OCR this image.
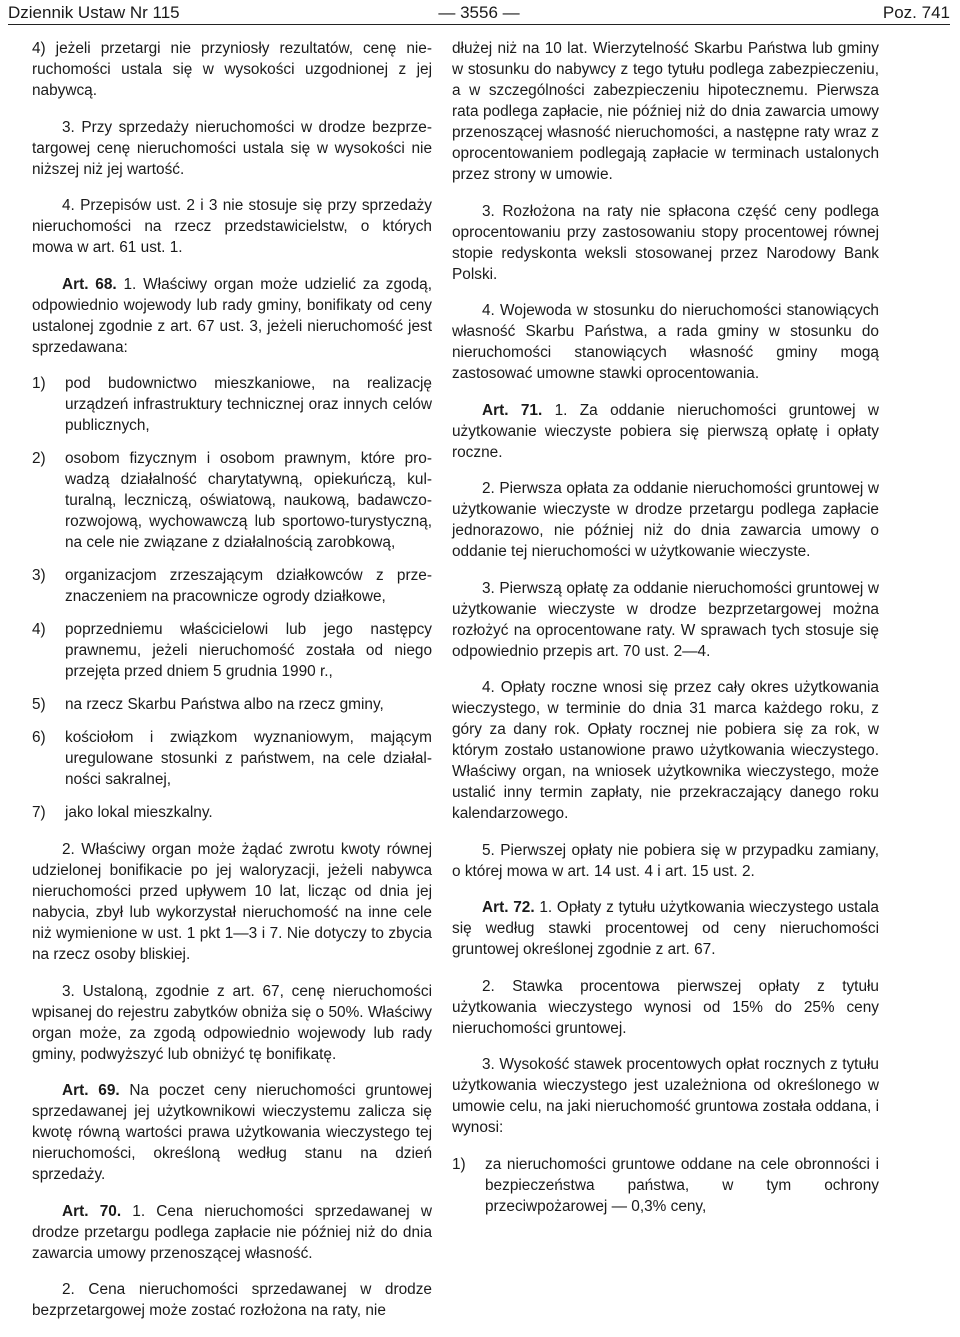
Dziennik Ustaw Nr 115	— 3556 —	Poz. 741

4) jeżeli przetargi nie przyniosły rezultatów, cenę nieruchomości ustala się w wysokości uzgodnionej z jej nabywcą.

3. Przy sprzedaży nieruchomości w drodze bezprzetargowej cenę nieruchomości ustala się w wysokości nie niższej niż jej wartość.

4. Przepisów ust. 2 i 3 nie stosuje się przy sprzedaży nieruchomości na rzecz przedstawicielstw, o których mowa w art. 61 ust. 1.

Art. 68. 1. Właściwy organ może udzielić za zgodą, odpowiednio wojewody lub rady gminy, bonifikaty od ceny ustalonej zgodnie z art. 67 ust. 3, jeżeli nieruchomość jest sprzedawana:

1) pod budownictwo mieszkaniowe, na realizację urządzeń infrastruktury technicznej oraz innych celów publicznych,
2) osobom fizycznym i osobom prawnym, które prowadzą działalność charytatywną, opiekuńczą, kulturalną, leczniczą, oświatową, naukową, badawczo-rozwojową, wychowawczą lub sportowo-turystyczną, na cele nie związane z działalnością zarobkową,
3) organizacjom zrzeszającym działkowców z przeznaczeniem na pracownicze ogrody działkowe,
4) poprzedniemu właścicielowi lub jego następcy prawnemu, jeżeli nieruchomość została od niego przejęta przed dniem 5 grudnia 1990 r.,
5) na rzecz Skarbu Państwa albo na rzecz gminy,
6) kościołom i związkom wyznaniowym, mającym uregulowane stosunki z państwem, na cele działalności sakralnej,
7) jako lokal mieszkalny.

2. Właściwy organ może żądać zwrotu kwoty równej udzielonej bonifikacie po jej waloryzacji, jeżeli nabywca nieruchomości przed upływem 10 lat, licząc od dnia jej nabycia, zbył lub wykorzystał nieruchomość na inne cele niż wymienione w ust. 1 pkt 1—3 i 7. Nie dotyczy to zbycia na rzecz osoby bliskiej.

3. Ustaloną, zgodnie z art. 67, cenę nieruchomości wpisanej do rejestru zabytków obniża się o 50%. Właściwy organ może, za zgodą odpowiednio wojewody lub rady gminy, podwyższyć lub obniżyć tę bonifikatę.

Art. 69. Na poczet ceny nieruchomości gruntowej sprzedawanej jej użytkownikowi wieczystemu zalicza się kwotę równą wartości prawa użytkowania wieczystego tej nieruchomości, określoną według stanu na dzień sprzedaży.

Art. 70. 1. Cena nieruchomości sprzedawanej w drodze przetargu podlega zapłacie nie później niż do dnia zawarcia umowy przenoszącej własność.

2. Cena nieruchomości sprzedawanej w drodze bezprzetargowej może zostać rozłożona na raty, nie

dłużej niż na 10 lat. Wierzytelność Skarbu Państwa lub gminy w stosunku do nabywcy z tego tytułu podlega zabezpieczeniu, a w szczególności zabezpieczeniu hipotecznemu. Pierwsza rata podlega zapłacie, nie później niż do dnia zawarcia umowy przenoszącej własność nieruchomości, a następne raty wraz z oprocentowaniem podlegają zapłacie w terminach ustalonych przez strony w umowie.

3. Rozłożona na raty nie spłacona część ceny podlega oprocentowaniu przy zastosowaniu stopy procentowej równej stopie redyskonta weksli stosowanej przez Narodowy Bank Polski.

4. Wojewoda w stosunku do nieruchomości stanowiących własność Skarbu Państwa, a rada gminy w stosunku do nieruchomości stanowiących własność gminy mogą zastosować umowne stawki oprocentowania.

Art. 71. 1. Za oddanie nieruchomości gruntowej w użytkowanie wieczyste pobiera się pierwszą opłatę i opłaty roczne.

2. Pierwsza opłata za oddanie nieruchomości gruntowej w użytkowanie wieczyste w drodze przetargu podlega zapłacie jednorazowo, nie później niż do dnia zawarcia umowy o oddanie tej nieruchomości w użytkowanie wieczyste.

3. Pierwszą opłatę za oddanie nieruchomości gruntowej w użytkowanie wieczyste w drodze bezprzetargowej można rozłożyć na oprocentowane raty. W sprawach tych stosuje się odpowiednio przepis art. 70 ust. 2—4.

4. Opłaty roczne wnosi się przez cały okres użytkowania wieczystego, w terminie do dnia 31 marca każdego roku, z góry za dany rok. Opłaty rocznej nie pobiera się za rok, w którym zostało ustanowione prawo użytkowania wieczystego. Właściwy organ, na wniosek użytkownika wieczystego, może ustalić inny termin zapłaty, nie przekraczający danego roku kalendarzowego.

5. Pierwszej opłaty nie pobiera się w przypadku zamiany, o której mowa w art. 14 ust. 4 i art. 15 ust. 2.

Art. 72. 1. Opłaty z tytułu użytkowania wieczystego ustala się według stawki procentowej od ceny nieruchomości gruntowej określonej zgodnie z art. 67.

2. Stawka procentowa pierwszej opłaty z tytułu użytkowania wieczystego wynosi od 15% do 25% ceny nieruchomości gruntowej.

3. Wysokość stawek procentowych opłat rocznych z tytułu użytkowania wieczystego jest uzależniona od określonego w umowie celu, na jaki nieruchomość gruntowa została oddana, i wynosi:

1) za nieruchomości gruntowe oddane na cele obronności i bezpieczeństwa państwa, w tym ochrony przeciwpożarowej — 0,3% ceny,
